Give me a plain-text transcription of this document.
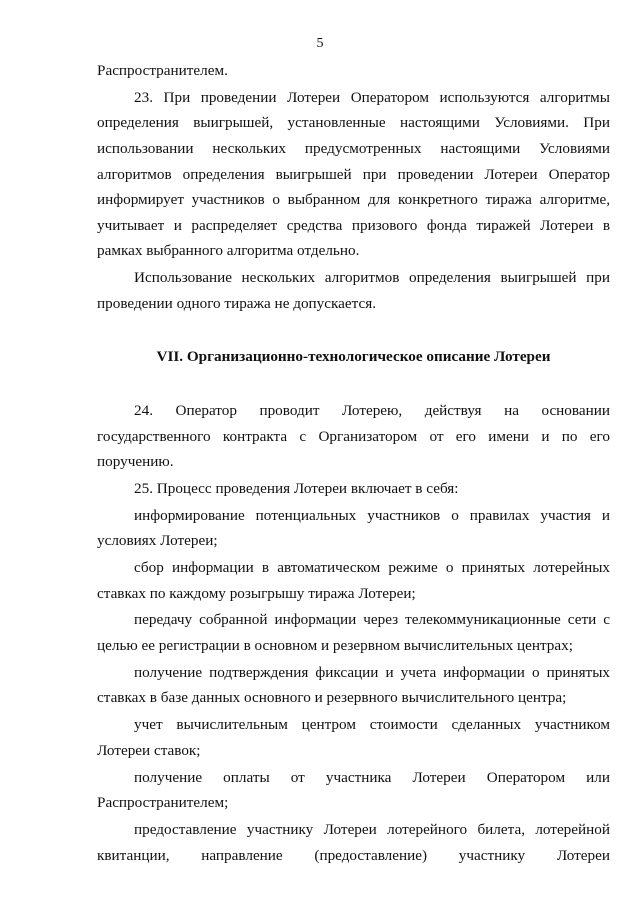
5

Распространителем.

23. При проведении Лотереи Оператором используются алгоритмы определения выигрышей, установленные настоящими Условиями. При использовании нескольких предусмотренных настоящими Условиями алгоритмов определения выигрышей при проведении Лотереи Оператор информирует участников о выбранном для конкретного тиража алгоритме, учитывает и распределяет средства призового фонда тиражей Лотереи в рамках выбранного алгоритма отдельно.

Использование нескольких алгоритмов определения выигрышей при проведении одного тиража не допускается.

VII. Организационно-технологическое описание Лотереи

24. Оператор проводит Лотерею, действуя на основании государственного контракта с Организатором от его имени и по его поручению.

25. Процесс проведения Лотереи включает в себя:

информирование потенциальных участников о правилах участия и условиях Лотереи;

сбор информации в автоматическом режиме о принятых лотерейных ставках по каждому розыгрышу тиража Лотереи;

передачу собранной информации через телекоммуникационные сети с целью ее регистрации в основном и резервном вычислительных центрах;

получение подтверждения фиксации и учета информации о принятых ставках в базе данных основного и резервного вычислительного центра;

учет вычислительным центром стоимости сделанных участником Лотереи ставок;

получение оплаты от участника Лотереи Оператором или Распространителем;

предоставление участнику Лотереи лотерейного билета, лотерейной квитанции, направление (предоставление) участнику Лотереи
